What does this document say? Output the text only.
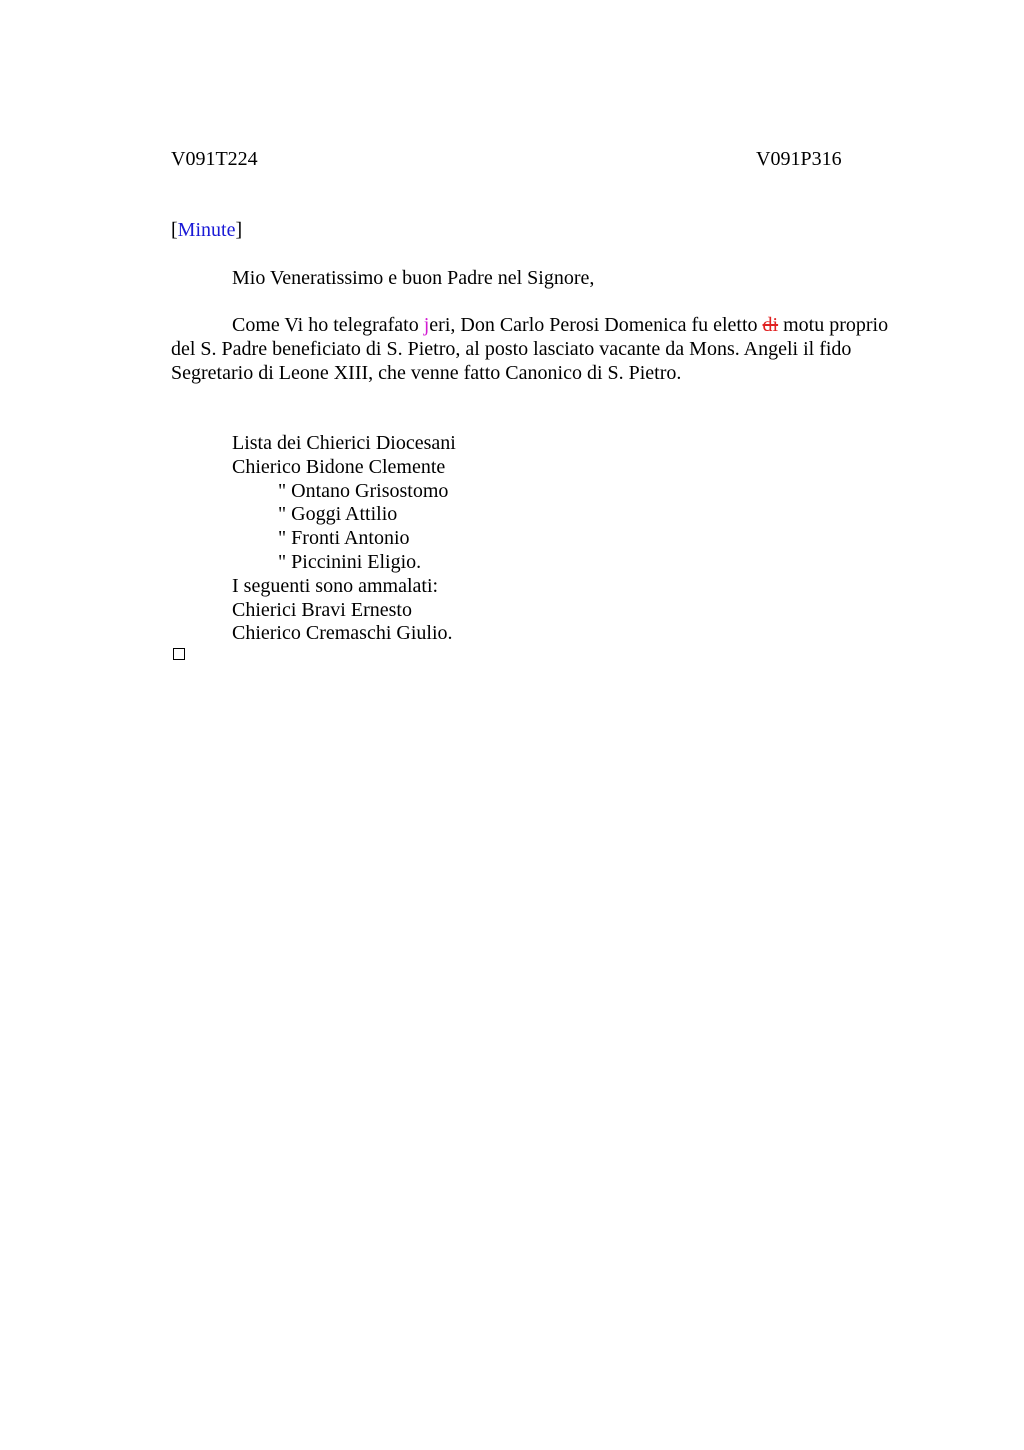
V091T224	V091P316
[Minute]
Mio Veneratissimo e buon Padre nel Signore,
Come Vi ho telegrafato jeri, Don Carlo Perosi Domenica fu eletto di motu proprio
del S. Padre beneficiato di S. Pietro, al posto lasciato vacante da Mons. Angeli il fido
Segretario di Leone XIII, che venne fatto Canonico di S. Pietro.
Lista dei Chierici Diocesani
Chierico Bidone Clemente
" Ontano Grisostomo
" Goggi Attilio
" Fronti Antonio
" Piccinini Eligio.
I seguenti sono ammalati:
Chierici Bravi Ernesto
Chierico Cremaschi Giulio.
